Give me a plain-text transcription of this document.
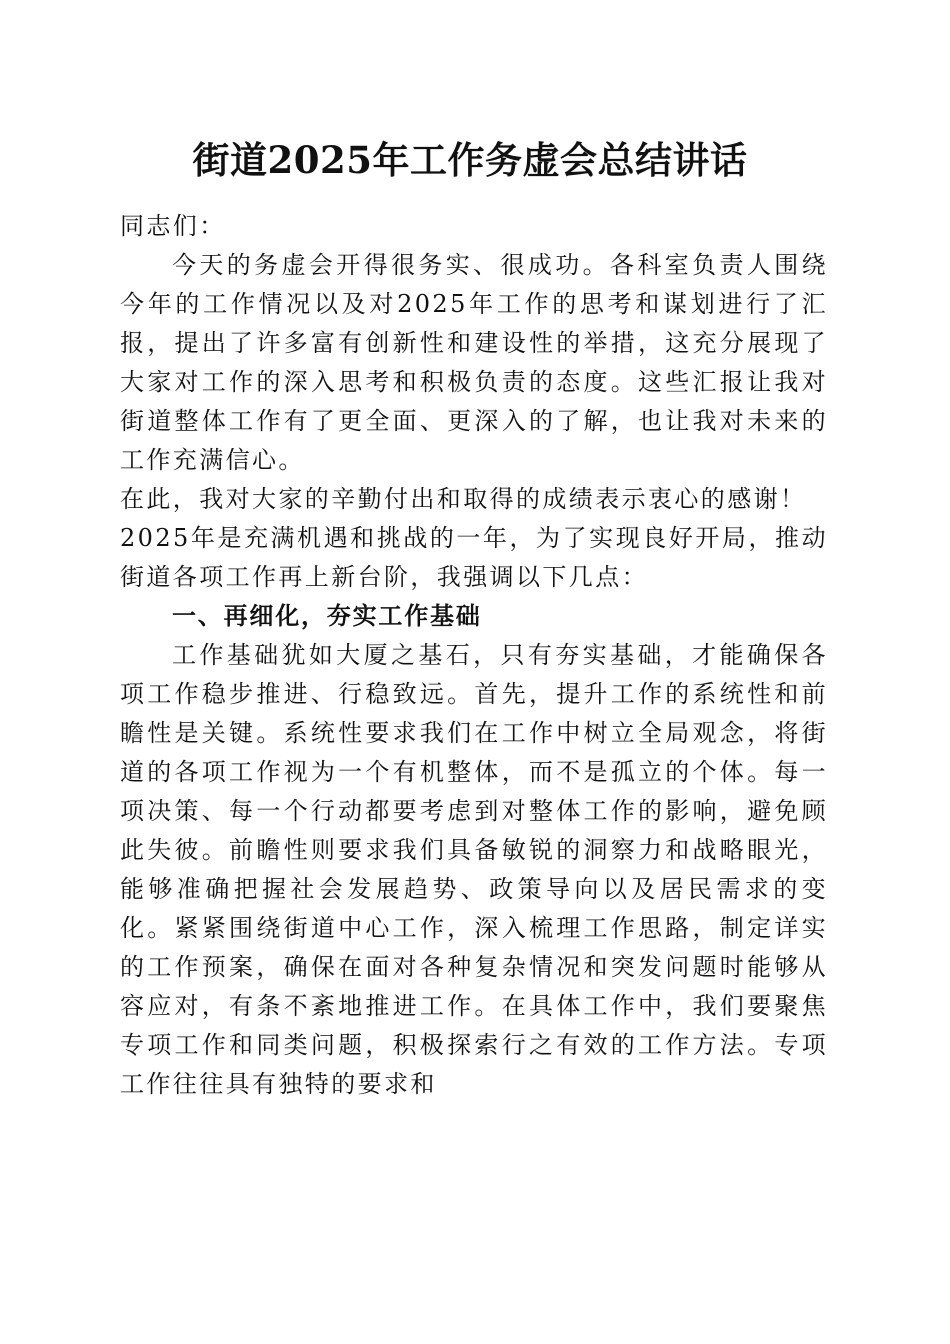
街道2025年工作务虚会总结讲话

同志们：

今天的务虚会开得很务实、很成功。各科室负责人围绕今年的工作情况以及对2025年工作的思考和谋划进行了汇报，提出了许多富有创新性和建设性的举措，这充分展现了大家对工作的深入思考和积极负责的态度。这些汇报让我对街道整体工作有了更全面、更深入的了解，也让我对未来的工作充满信心。

在此，我对大家的辛勤付出和取得的成绩表示衷心的感谢！

2025年是充满机遇和挑战的一年，为了实现良好开局，推动街道各项工作再上新台阶，我强调以下几点：

一、再细化，夯实工作基础

工作基础犹如大厦之基石，只有夯实基础，才能确保各项工作稳步推进、行稳致远。首先，提升工作的系统性和前瞻性是关键。系统性要求我们在工作中树立全局观念，将街道的各项工作视为一个有机整体，而不是孤立的个体。每一项决策、每一个行动都要考虑到对整体工作的影响，避免顾此失彼。前瞻性则要求我们具备敏锐的洞察力和战略眼光，能够准确把握社会发展趋势、政策导向以及居民需求的变化。紧紧围绕街道中心工作，深入梳理工作思路，制定详实的工作预案，确保在面对各种复杂情况和突发问题时能够从容应对，有条不紊地推进工作。在具体工作中，我们要聚焦专项工作和同类问题，积极探索行之有效的工作方法。专项工作往往具有独特的要求和
